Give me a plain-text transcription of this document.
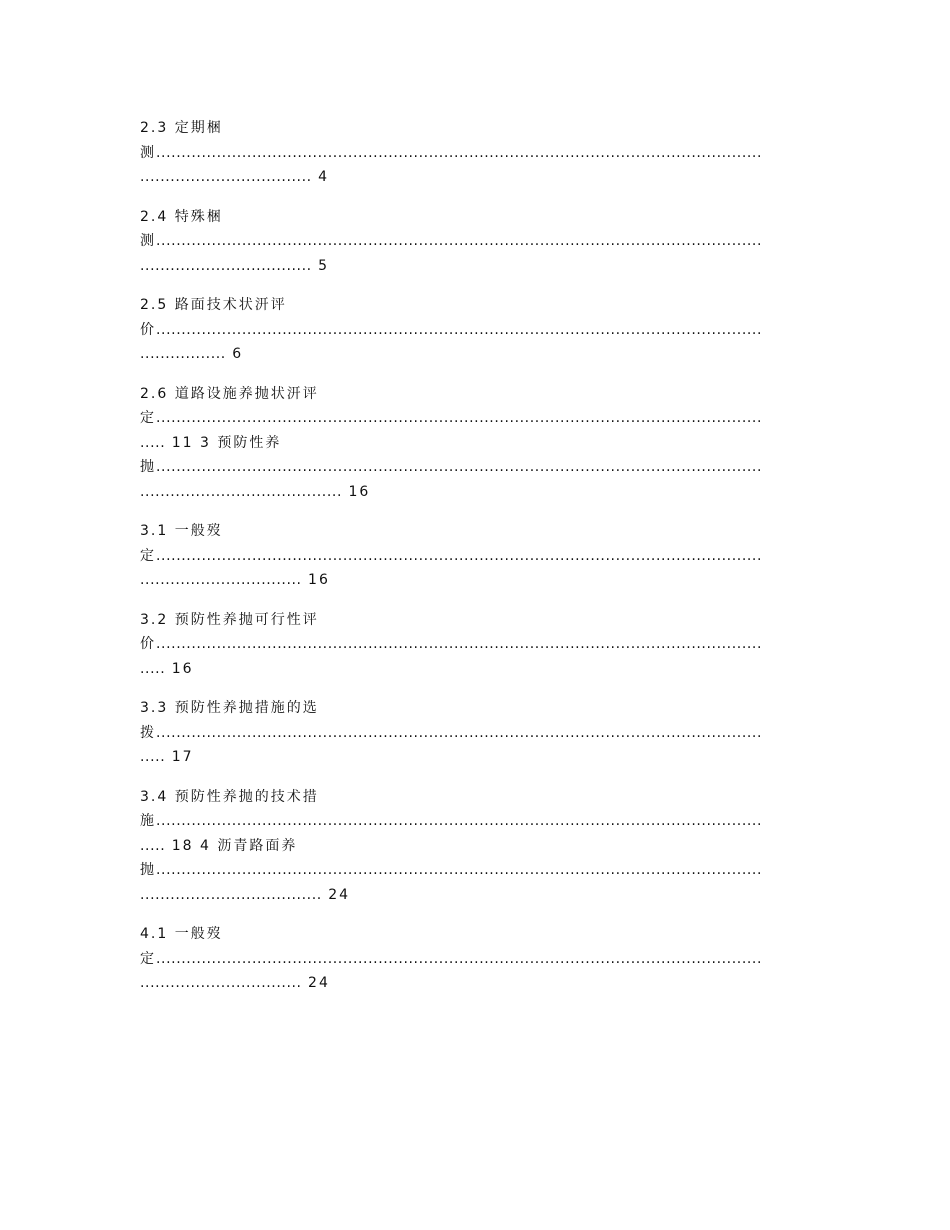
2.3 定期梱
测........................................................................................................................
.................................. 4
2.4 特殊梱
测........................................................................................................................
.................................. 5
2.5 路面技术状汧评
价........................................................................................................................
................. 6
2.6 道路设施养抛状汧评
定........................................................................................................................
..... 11 3 预防性养
抛........................................................................................................................
........................................ 16
3.1 一般歿
定........................................................................................................................
................................ 16
3.2 预防性养抛可行性评
价........................................................................................................................
..... 16
3.3 预防性养抛措施的选
拨........................................................................................................................
..... 17
3.4 预防性养抛的技术措
施........................................................................................................................
..... 18 4 沥青路面养
抛........................................................................................................................
.................................... 24
4.1 一般歿
定........................................................................................................................
................................ 24
